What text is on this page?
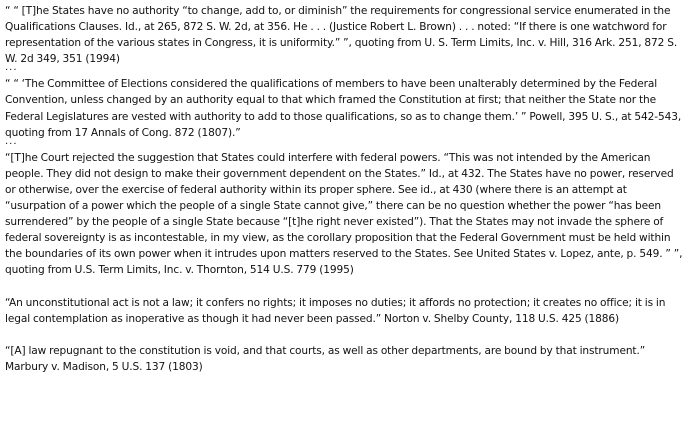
“ “ [T]he States have no authority “to change, add to, or diminish” the requirements for congressional service enumerated in the Qualifications Clauses. Id., at 265, 872 S. W. 2d, at 356. He . . . (Justice Robert L. Brown) . . . noted: “If there is one watchword for representation of the various states in Congress, it is uniformity.” ”, quoting from U. S. Term Limits, Inc. v. Hill, 316 Ark. 251, 872 S. W. 2d 349, 351 (1994)

...

“ “ ‘The Committee of Elections considered the qualifications of members to have been unalterably determined by the Federal Convention, unless changed by an authority equal to that which framed the Constitution at first; that neither the State nor the Federal Legislatures are vested with authority to add to those qualifications, so as to change them.’ ” Powell, 395 U. S., at 542-543, quoting from 17 Annals of Cong. 872 (1807).”

...

“[T]he Court rejected the suggestion that States could interfere with federal powers. “This was not intended by the American people. They did not design to make their government dependent on the States.” Id., at 432. The States have no power, reserved or otherwise, over the exercise of federal authority within its proper sphere. See id., at 430 (where there is an attempt at “usurpation of a power which the people of a single State cannot give,” there can be no question whether the power “has been surrendered” by the people of a single State because “[t]he right never existed”). That the States may not invade the sphere of federal sovereignty is as incontestable, in my view, as the corollary proposition that the Federal Government must be held within the boundaries of its own power when it intrudes upon matters reserved to the States. See United States v. Lopez, ante, p. 549. ” ”, quoting from U.S. Term Limits, Inc. v. Thornton, 514 U.S. 779 (1995)

“An unconstitutional act is not a law; it confers no rights; it imposes no duties; it affords no protection; it creates no office; it is in legal contemplation as inoperative as though it had never been passed.” Norton v. Shelby County, 118 U.S. 425 (1886)

“[A] law repugnant to the constitution is void, and that courts, as well as other departments, are bound by that instrument.” Marbury v. Madison, 5 U.S. 137 (1803)
